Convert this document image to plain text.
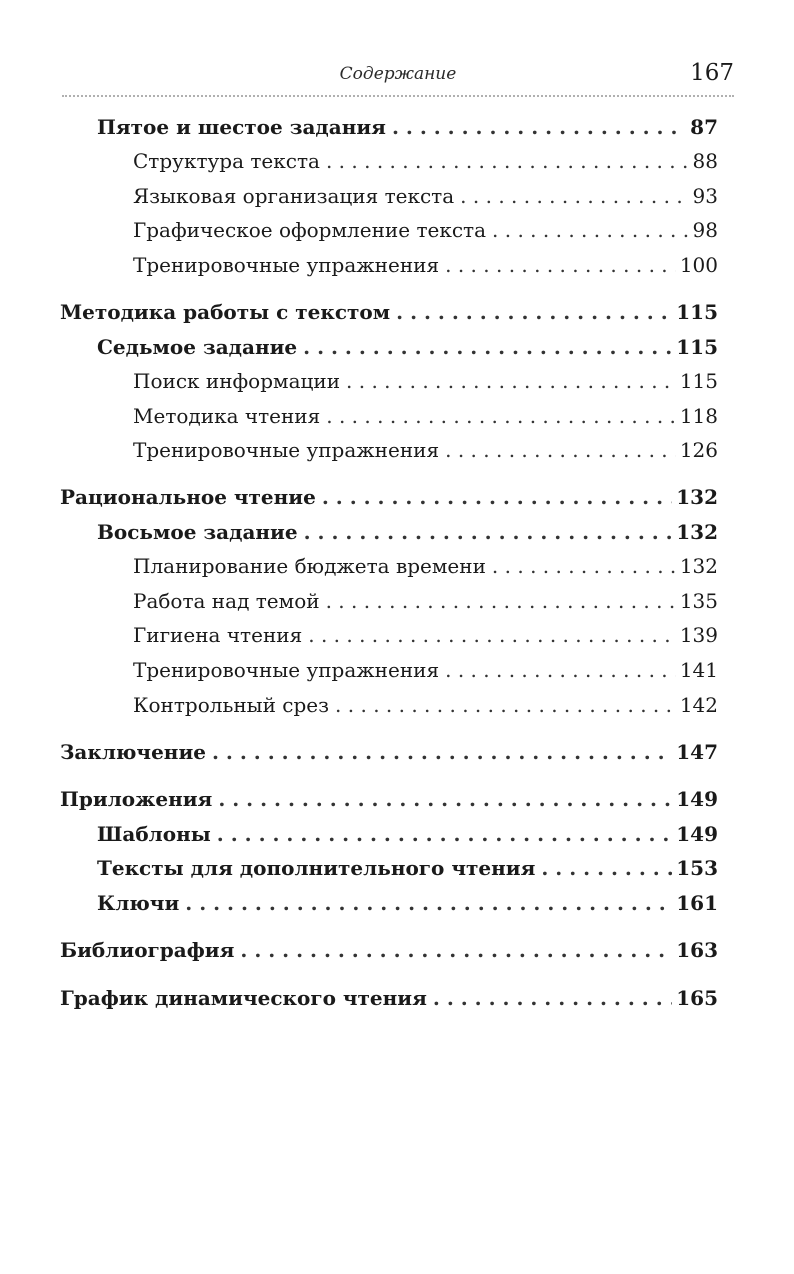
Содержание	167
Пятое и шестое задания . . .	87
Структура текста . . .	88
Языковая организация текста . . .	93
Графическое оформление текста . . .	98
Тренировочные упражнения . . .	100
Методика работы с текстом . . .	115
Седьмое задание . . .	115
Поиск информации . . .	115
Методика чтения . . .	118
Тренировочные упражнения . . .	126
Рациональное чтение . . .	132
Восьмое задание . . .	132
Планирование бюджета времени . . .	132
Работа над темой . . .	135
Гигиена чтения . . .	139
Тренировочные упражнения . . .	141
Контрольный срез . . .	142
Заключение . . .	147
Приложения . . .	149
Шаблоны . . .	149
Тексты для дополнительного чтения . . .	153
Ключи . . .	161
Библиография . . .	163
График динамического чтения . . .	165
